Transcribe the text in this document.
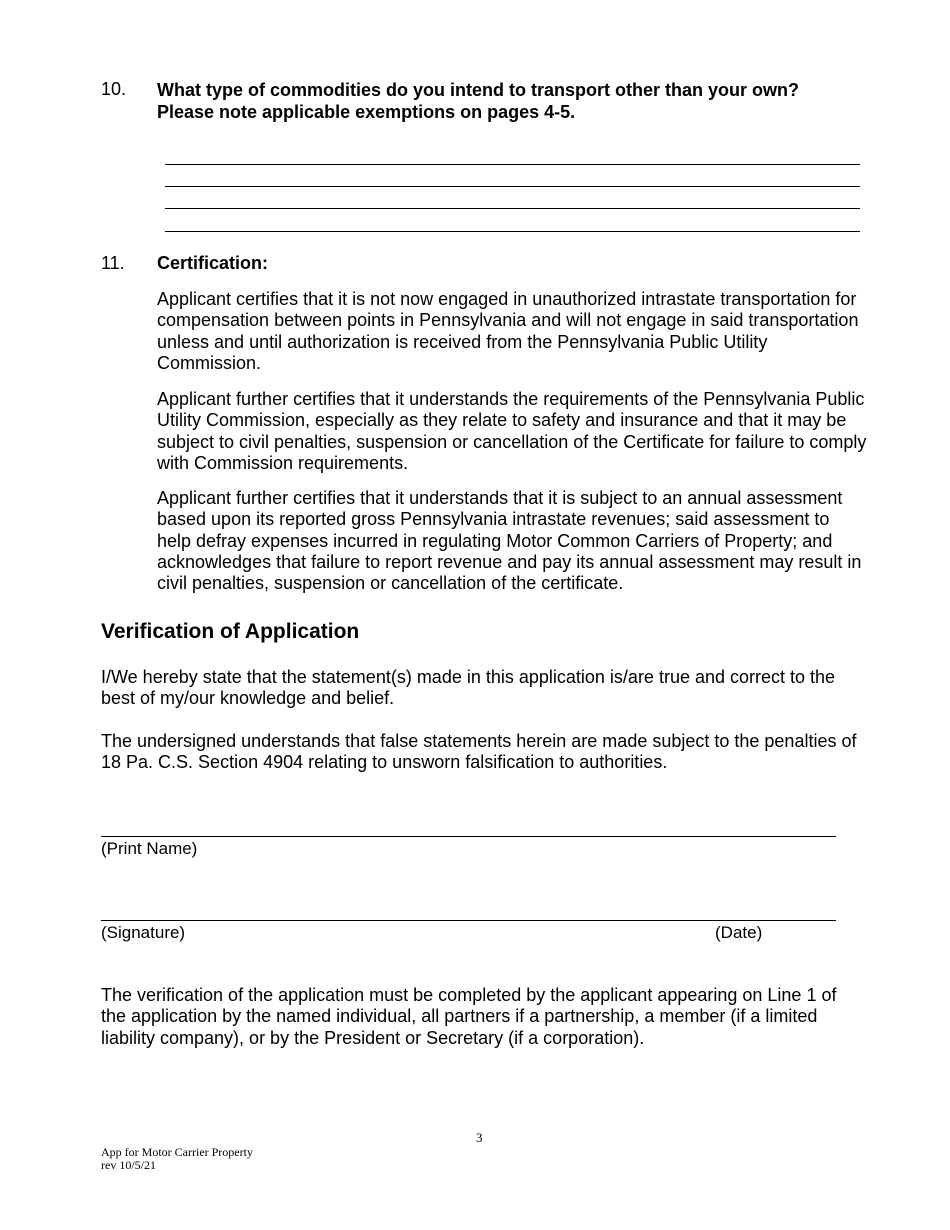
10. What type of commodities do you intend to transport other than your own? Please note applicable exemptions on pages 4-5.
11. Certification:

Applicant certifies that it is not now engaged in unauthorized intrastate transportation for compensation between points in Pennsylvania and will not engage in said transportation unless and until authorization is received from the Pennsylvania Public Utility Commission.

Applicant further certifies that it understands the requirements of the Pennsylvania Public Utility Commission, especially as they relate to safety and insurance and that it may be subject to civil penalties, suspension or cancellation of the Certificate for failure to comply with Commission requirements.

Applicant further certifies that it understands that it is subject to an annual assessment based upon its reported gross Pennsylvania intrastate revenues; said assessment to help defray expenses incurred in regulating Motor Common Carriers of Property; and acknowledges that failure to report revenue and pay its annual assessment may result in civil penalties, suspension or cancellation of the certificate.

Verification of Application

I/We hereby state that the statement(s) made in this application is/are true and correct to the best of my/our knowledge and belief.

The undersigned understands that false statements herein are made subject to the penalties of 18 Pa. C.S. Section 4904 relating to unsworn falsification to authorities.

(Print Name)
(Signature)	(Date)

The verification of the application must be completed by the applicant appearing on Line 1 of the application by the named individual, all partners if a partnership, a member (if a limited liability company), or by the President or Secretary (if a corporation).

3
App for Motor Carrier Property
rev 10/5/21
